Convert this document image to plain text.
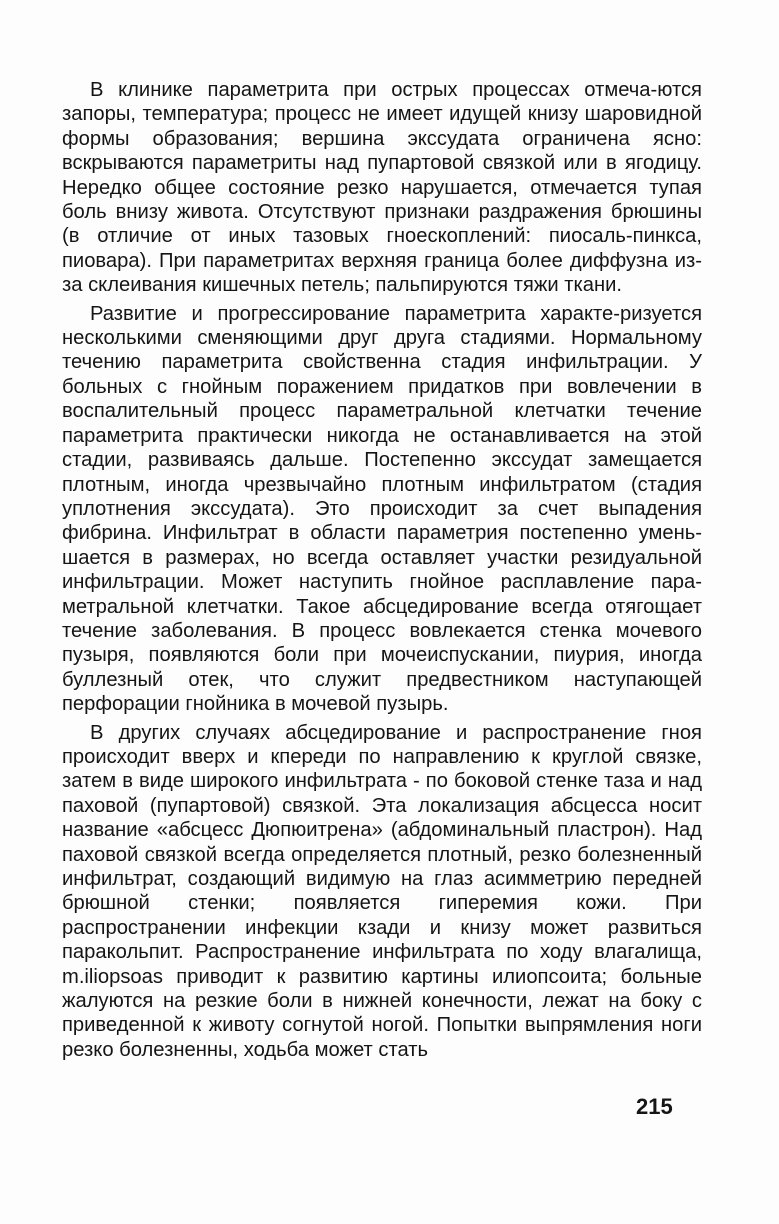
В клинике параметрита при острых процессах отмеча-ются запоры, температура; процесс не имеет идущей книзу шаровидной формы образования; вершина экссудата ограничена ясно: вскрываются параметриты над пупартовой связкой или в ягодицу. Нередко общее состояние резко нарушается, отмечается тупая боль внизу живота. Отсутствуют признаки раздражения брюшины (в отличие от иных тазовых гноескоплений: пиосаль-пинкса, пиовара). При параметритах верхняя граница более диффузна из-за склеивания кишечных петель; пальпируются тяжи ткани.

Развитие и прогрессирование параметрита характе-ризуется несколькими сменяющими друг друга стадиями. Нормальному течению параметрита свойственна стадия инфильтрации. У больных с гнойным поражением придатков при вовлечении в воспалительный процесс параметральной клетчатки течение параметрита практически никогда не останавливается на этой стадии, развиваясь дальше. Постепенно экссудат замещается плотным, иногда чрезвычайно плотным инфильтратом (стадия уплотнения экссудата). Это происходит за счет выпадения фибрина. Инфильтрат в области параметрия постепенно умень-шается в размерах, но всегда оставляет участки резидуальной инфильтрации. Может наступить гнойное расплавление пара-метральной клетчатки. Такое абсцедирование всегда отягощает течение заболевания. В процесс вовлекается стенка мочевого пузыря, появляются боли при мочеиспускании, пиурия, иногда буллезный отек, что служит предвестником наступающей перфорации гнойника в мочевой пузырь.

В других случаях абсцедирование и распространение гноя происходит вверх и кпереди по направлению к круглой связке, затем в виде широкого инфильтрата - по боковой стенке таза и над паховой (пупартовой) связкой. Эта локализация абсцесса носит название «абсцесс Дюпюитрена» (абдоминальный пластрон). Над паховой связкой всегда определяется плотный, резко болезненный инфильтрат, создающий видимую на глаз асимметрию передней брюшной стенки; появляется гиперемия кожи. При распространении инфекции кзади и книзу может развиться паракольпит. Распространение инфильтрата по ходу влагалища, m.iliopsoas приводит к развитию картины илиопсоита; больные жалуются на резкие боли в нижней конечности, лежат на боку с приведенной к животу согнутой ногой. Попытки выпрямления ноги резко болезненны, ходьба может стать

215
